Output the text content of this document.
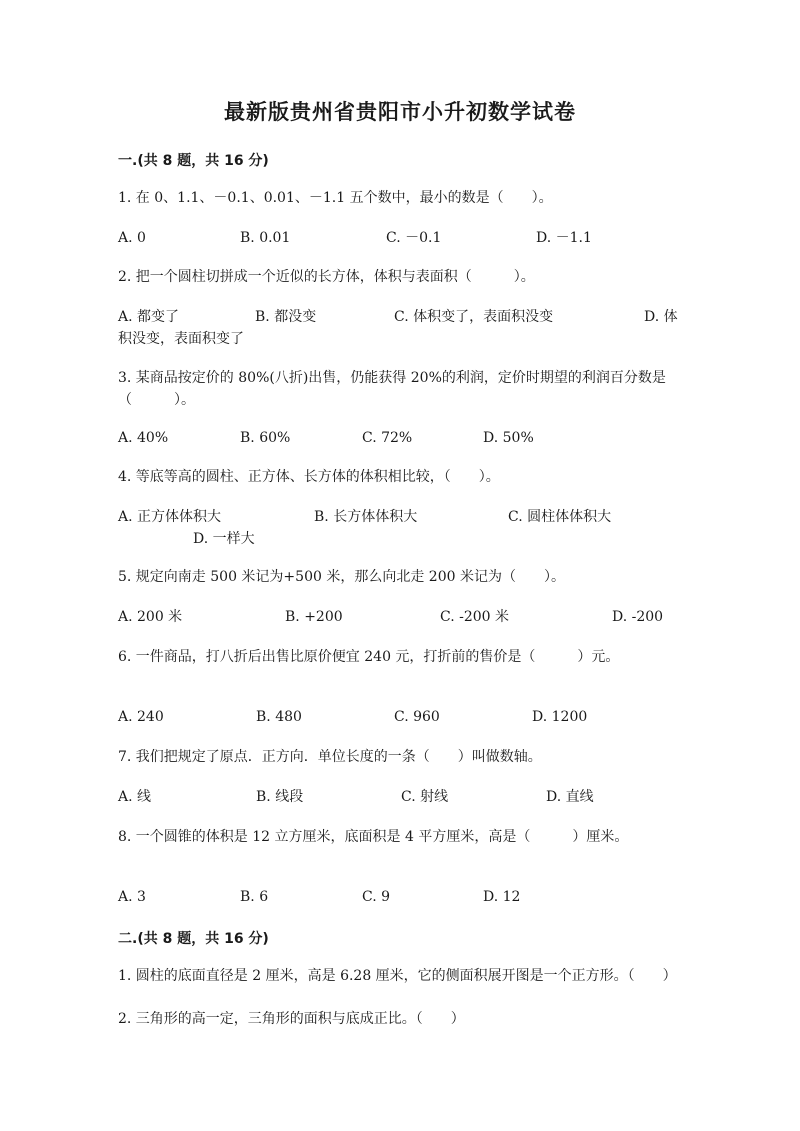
最新版贵州省贵阳市小升初数学试卷
一.(共 8 题，共 16 分)
1. 在 0、1.1、－0.1、0.01、－1.1 五个数中，最小的数是（　　）。
A. 0	B. 0.01	C. －0.1	D. －1.1
2. 把一个圆柱切拼成一个近似的长方体，体积与表面积（　　　）。
A. 都变了	B. 都没变	C. 体积变了，表面积没变	D. 体积没变，表面积变了
3. 某商品按定价的 80%(八折)出售，仍能获得 20%的利润，定价时期望的利润百分数是（　　　）。
A. 40%	B. 60%	C. 72%	D. 50%
4. 等底等高的圆柱、正方体、长方体的体积相比较，（　　）。
A. 正方体体积大	B. 长方体体积大	C. 圆柱体体积大
D. 一样大
5. 规定向南走 500 米记为+500 米，那么向北走 200 米记为（　　）。
A. 200 米	B. +200	C. -200 米	D. -200
6. 一件商品，打八折后出售比原价便宜 240 元，打折前的售价是（　　　）元。
A. 240	B. 480	C. 960	D. 1200
7. 我们把规定了原点．正方向．单位长度的一条（　　）叫做数轴。
A. 线	B. 线段	C. 射线	D. 直线
8. 一个圆锥的体积是 12 立方厘米，底面积是 4 平方厘米，高是（　　　）厘米。
A. 3	B. 6	C. 9	D. 12
二.(共 8 题，共 16 分)
1. 圆柱的底面直径是 2 厘米，高是 6.28 厘米，它的侧面积展开图是一个正方形。（　　）
2. 三角形的高一定，三角形的面积与底成正比。（　　）
